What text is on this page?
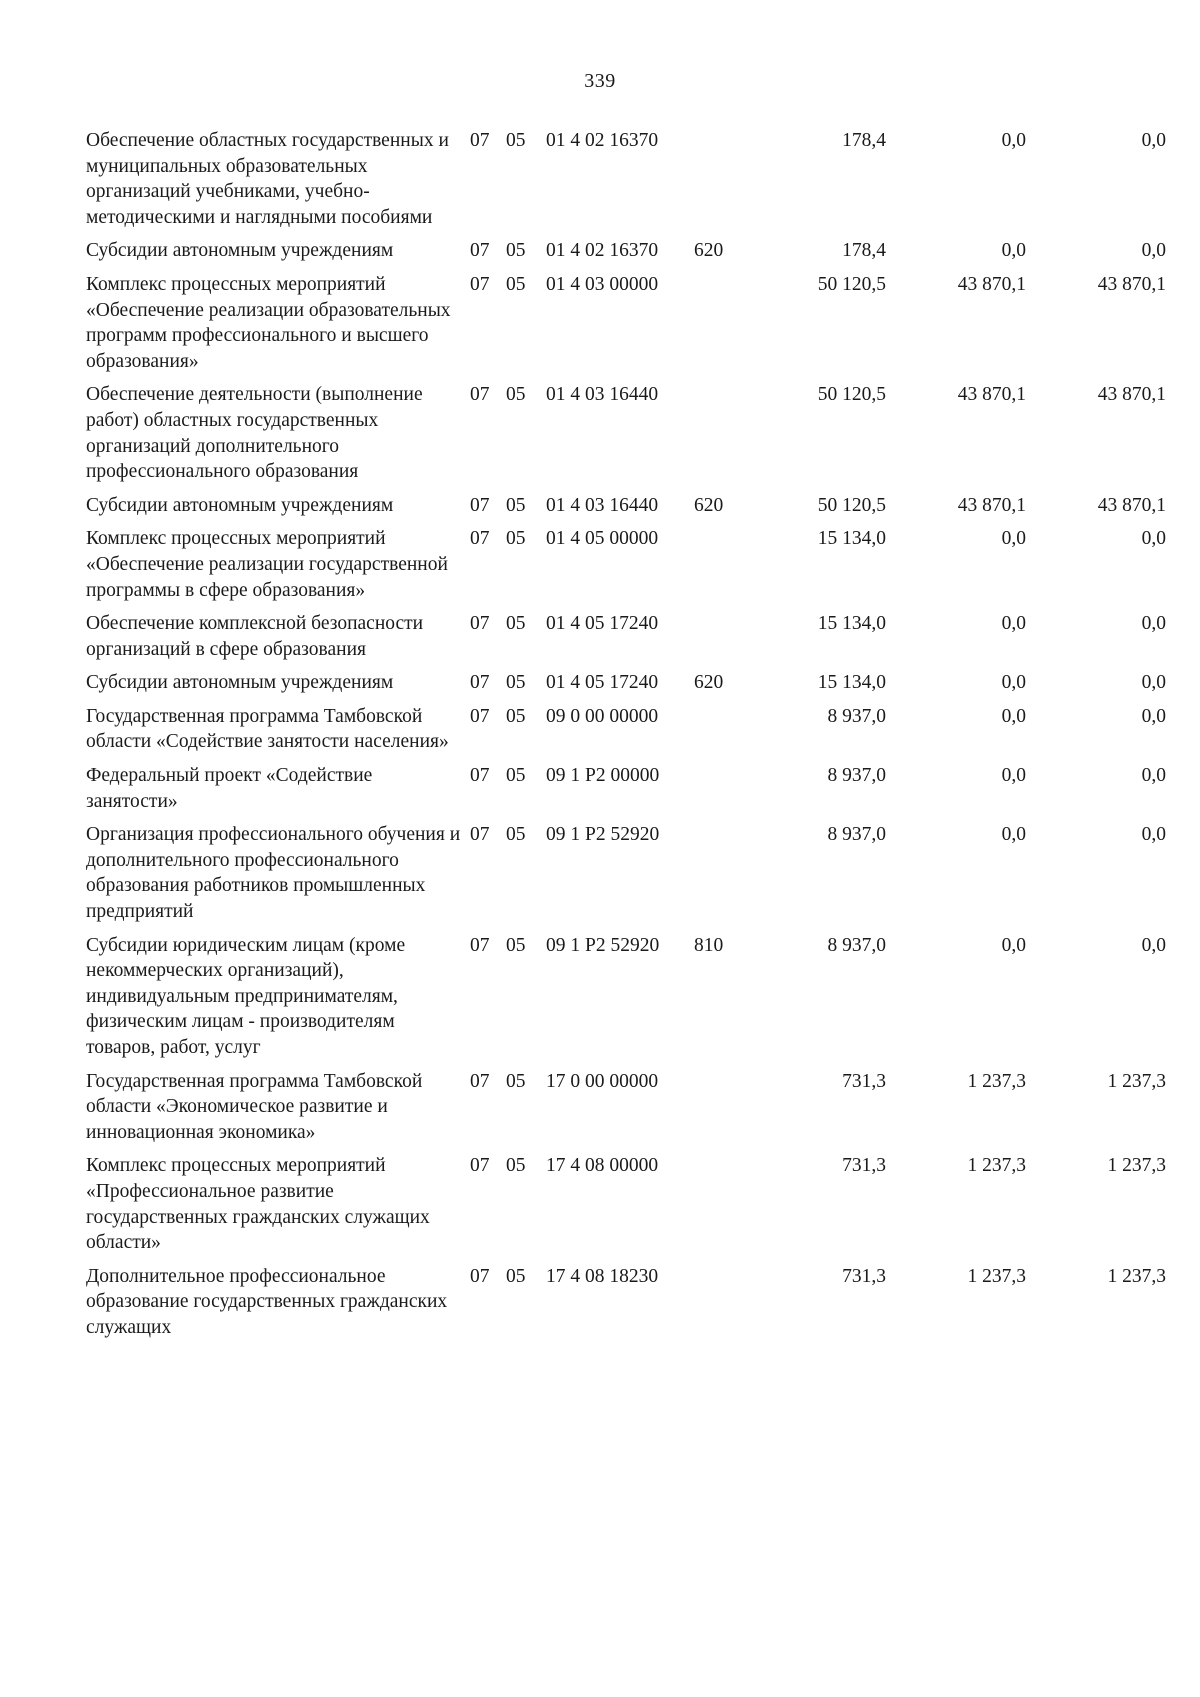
339
Обеспечение областных государственных и муниципальных образовательных организаций учебниками, учебно-методическими и наглядными пособиями	07	05	01 4 02 16370		178,4	0,0	0,0
Субсидии автономным учреждениям	07	05	01 4 02 16370	620	178,4	0,0	0,0
Комплекс процессных мероприятий «Обеспечение реализации образовательных программ профессионального и высшего образования»	07	05	01 4 03 00000		50 120,5	43 870,1	43 870,1
Обеспечение деятельности (выполнение работ) областных государственных организаций дополнительного профессионального образования	07	05	01 4 03 16440		50 120,5	43 870,1	43 870,1
Субсидии автономным учреждениям	07	05	01 4 03 16440	620	50 120,5	43 870,1	43 870,1
Комплекс процессных мероприятий «Обеспечение реализации государственной программы в сфере образования»	07	05	01 4 05 00000		15 134,0	0,0	0,0
Обеспечение комплексной безопасности организаций в сфере образования	07	05	01 4 05 17240		15 134,0	0,0	0,0
Субсидии автономным учреждениям	07	05	01 4 05 17240	620	15 134,0	0,0	0,0
Государственная программа Тамбовской области «Содействие занятости населения»	07	05	09 0 00 00000		8 937,0	0,0	0,0
Федеральный проект «Содействие занятости»	07	05	09 1 P2 00000		8 937,0	0,0	0,0
Организация профессионального обучения и дополнительного профессионального образования работников промышленных предприятий	07	05	09 1 P2 52920		8 937,0	0,0	0,0
Субсидии юридическим лицам (кроме некоммерческих организаций), индивидуальным предпринимателям, физическим лицам - производителям товаров, работ, услуг	07	05	09 1 P2 52920	810	8 937,0	0,0	0,0
Государственная программа Тамбовской области «Экономическое развитие и инновационная экономика»	07	05	17 0 00 00000		731,3	1 237,3	1 237,3
Комплекс процессных мероприятий «Профессиональное развитие государственных гражданских служащих области»	07	05	17 4 08 00000		731,3	1 237,3	1 237,3
Дополнительное профессиональное образование государственных гражданских служащих	07	05	17 4 08 18230		731,3	1 237,3	1 237,3
